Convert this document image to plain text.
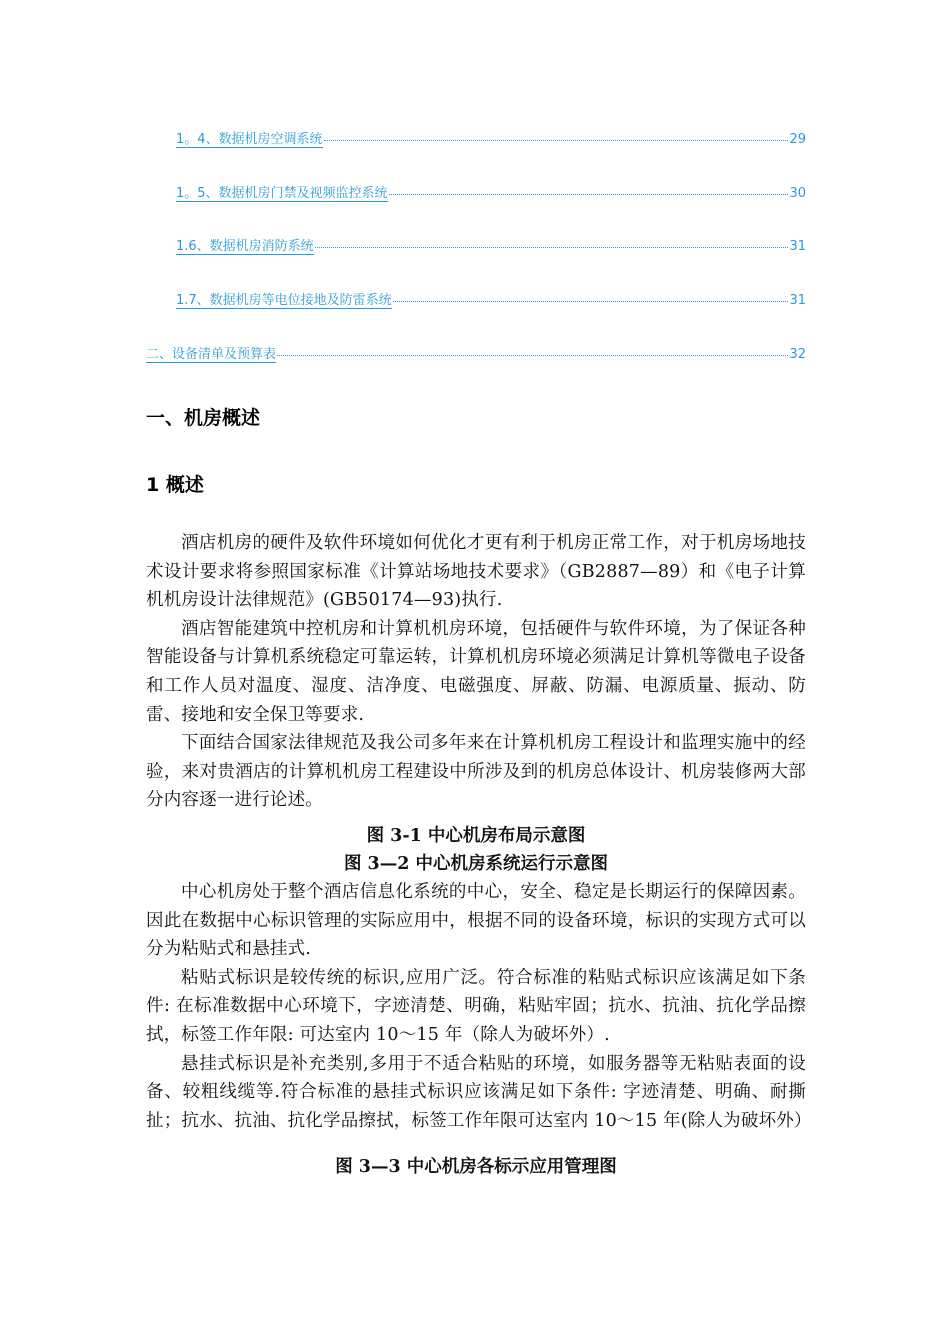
1。4、数据机房空调系统	29
1。5、数据机房门禁及视频监控系统	30
1.6、数据机房消防系统	31
1.7、数据机房等电位接地及防雷系统	31
二、设备清单及预算表	32
一、机房概述
1 概述

酒店机房的硬件及软件环境如何优化才更有利于机房正常工作，对于机房场地技术设计要求将参照国家标准《计算站场地技术要求》（GB2887—89）和《电子计算机机房设计法律规范》(GB50174—93)执行.

酒店智能建筑中控机房和计算机机房环境，包括硬件与软件环境，为了保证各种智能设备与计算机系统稳定可靠运转，计算机机房环境必须满足计算机等微电子设备和工作人员对温度、湿度、洁净度、电磁强度、屏蔽、防漏、电源质量、振动、防雷、接地和安全保卫等要求.

下面结合国家法律规范及我公司多年来在计算机机房工程设计和监理实施中的经验，来对贵酒店的计算机机房工程建设中所涉及到的机房总体设计、机房装修两大部分内容逐一进行论述。

图 3-1 中心机房布局示意图
图 3—2 中心机房系统运行示意图

中心机房处于整个酒店信息化系统的中心，安全、稳定是长期运行的保障因素。因此在数据中心标识管理的实际应用中，根据不同的设备环境，标识的实现方式可以分为粘贴式和悬挂式.

粘贴式标识是较传统的标识,应用广泛。符合标准的粘贴式标识应该满足如下条件: 在标准数据中心环境下，字迹清楚、明确，粘贴牢固；抗水、抗油、抗化学品擦拭，标签工作年限: 可达室内 10～15 年（除人为破坏外）.

悬挂式标识是补充类别,多用于不适合粘贴的环境，如服务器等无粘贴表面的设备、较粗线缆等.符合标准的悬挂式标识应该满足如下条件: 字迹清楚、明确、耐撕扯；抗水、抗油、抗化学品擦拭，标签工作年限可达室内 10～15 年(除人为破坏外）

图 3—3 中心机房各标示应用管理图
